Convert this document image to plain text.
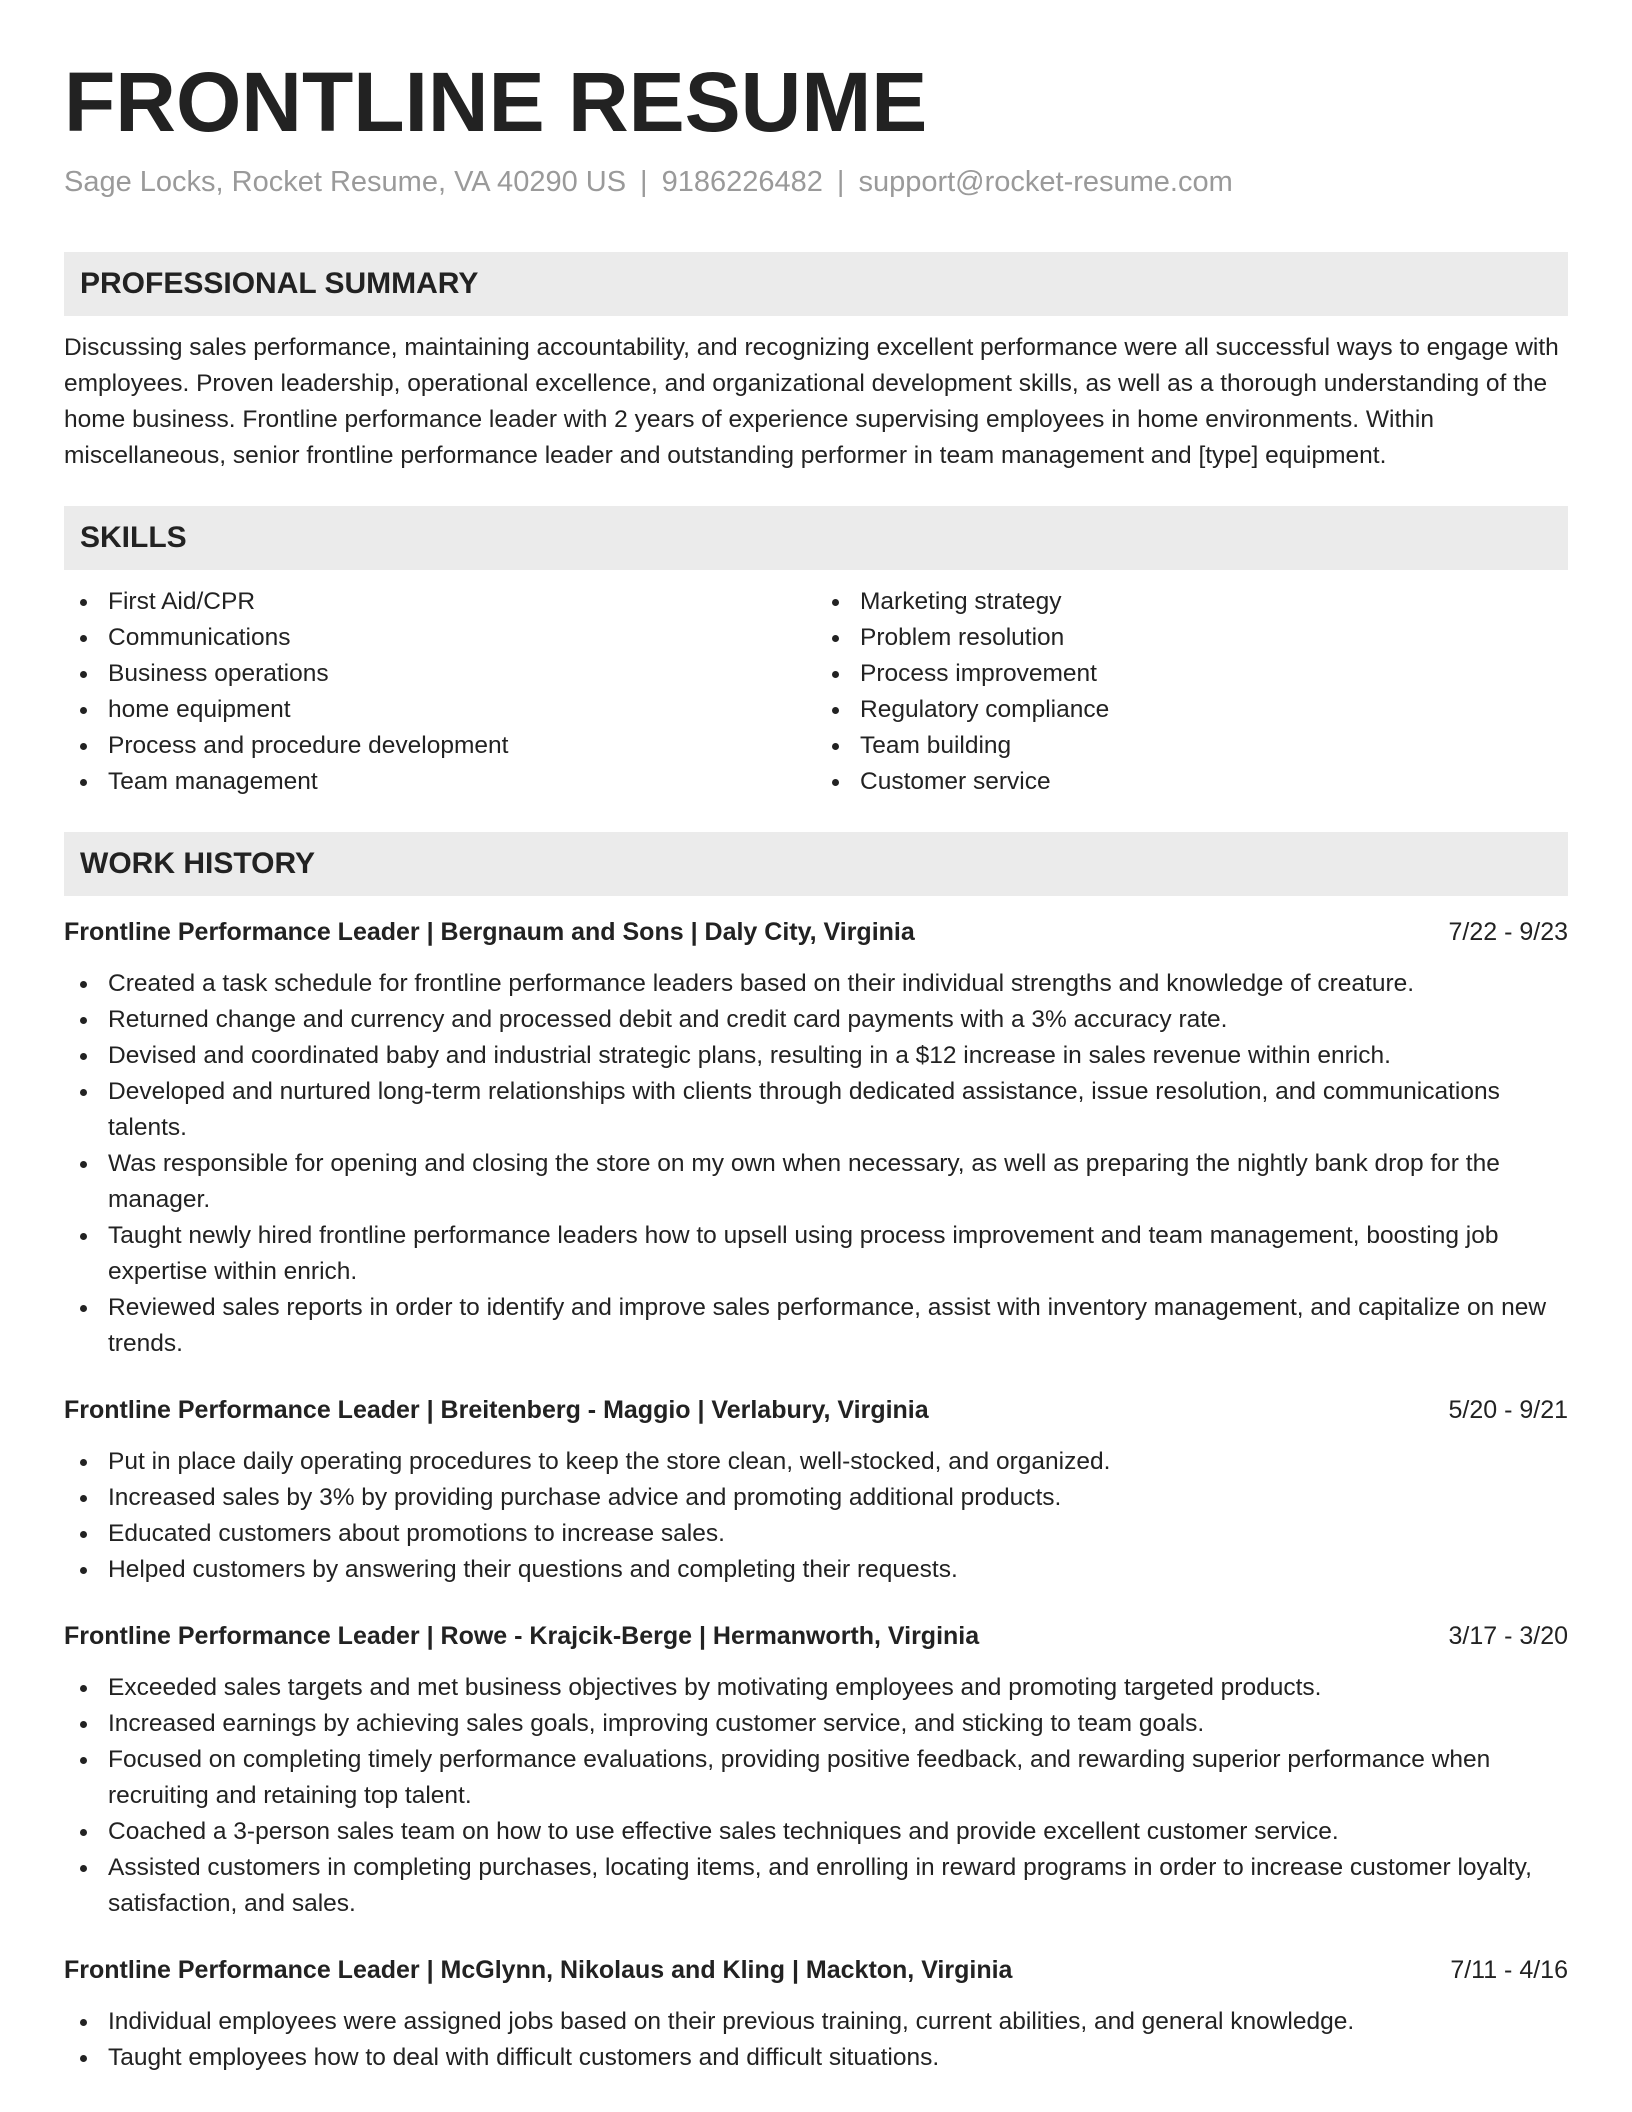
FRONTLINE RESUME
Sage Locks, Rocket Resume, VA 40290 US | 9186226482 | support@rocket-resume.com
PROFESSIONAL SUMMARY

Discussing sales performance, maintaining accountability, and recognizing excellent performance were all successful ways to engage with employees. Proven leadership, operational excellence, and organizational development skills, as well as a thorough understanding of the home business. Frontline performance leader with 2 years of experience supervising employees in home environments. Within miscellaneous, senior frontline performance leader and outstanding performer in team management and [type] equipment.

SKILLS
First Aid/CPR
Communications
Business operations
home equipment
Process and procedure development
Team management
Marketing strategy
Problem resolution
Process improvement
Regulatory compliance
Team building
Customer service
WORK HISTORY
Frontline Performance Leader | Bergnaum and Sons | Daly City, Virginia	7/22 - 9/23
Created a task schedule for frontline performance leaders based on their individual strengths and knowledge of creature.
Returned change and currency and processed debit and credit card payments with a 3% accuracy rate.
Devised and coordinated baby and industrial strategic plans, resulting in a $12 increase in sales revenue within enrich.
Developed and nurtured long-term relationships with clients through dedicated assistance, issue resolution, and communications talents.
Was responsible for opening and closing the store on my own when necessary, as well as preparing the nightly bank drop for the manager.
Taught newly hired frontline performance leaders how to upsell using process improvement and team management, boosting job expertise within enrich.
Reviewed sales reports in order to identify and improve sales performance, assist with inventory management, and capitalize on new trends.
Frontline Performance Leader | Breitenberg - Maggio | Verlabury, Virginia	5/20 - 9/21
Put in place daily operating procedures to keep the store clean, well-stocked, and organized.
Increased sales by 3% by providing purchase advice and promoting additional products.
Educated customers about promotions to increase sales.
Helped customers by answering their questions and completing their requests.
Frontline Performance Leader | Rowe - Krajcik-Berge | Hermanworth, Virginia	3/17 - 3/20
Exceeded sales targets and met business objectives by motivating employees and promoting targeted products.
Increased earnings by achieving sales goals, improving customer service, and sticking to team goals.
Focused on completing timely performance evaluations, providing positive feedback, and rewarding superior performance when recruiting and retaining top talent.
Coached a 3-person sales team on how to use effective sales techniques and provide excellent customer service.
Assisted customers in completing purchases, locating items, and enrolling in reward programs in order to increase customer loyalty, satisfaction, and sales.
Frontline Performance Leader | McGlynn, Nikolaus and Kling | Mackton, Virginia	7/11 - 4/16
Individual employees were assigned jobs based on their previous training, current abilities, and general knowledge.
Taught employees how to deal with difficult customers and difficult situations.
